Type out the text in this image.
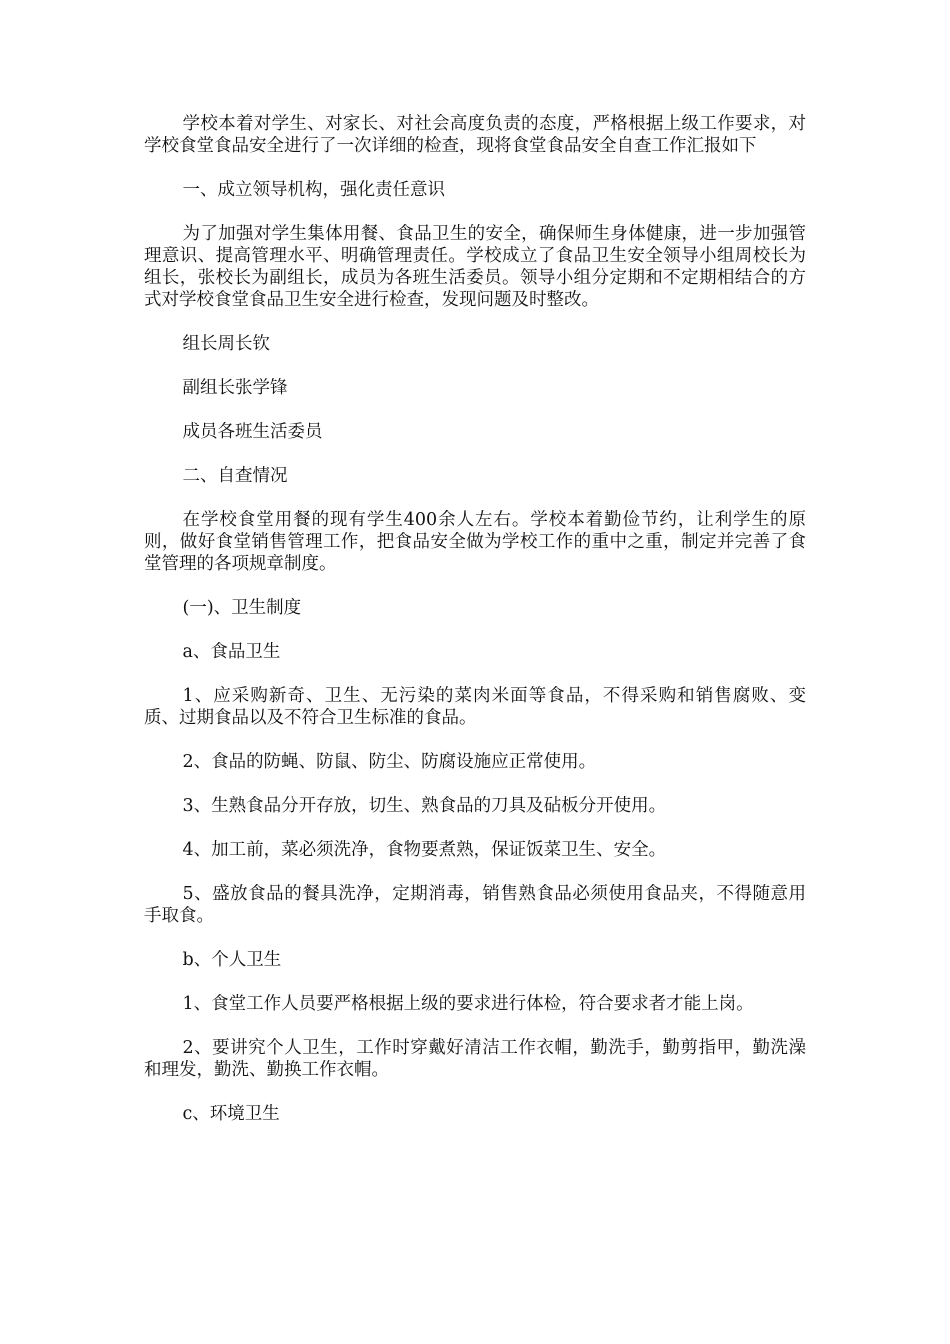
学校本着对学生、对家长、对社会高度负责的态度，严格根据上级工作要求，对学校食堂食品安全进行了一次详细的检查，现将食堂食品安全自查工作汇报如下

一、成立领导机构，强化责任意识

为了加强对学生集体用餐、食品卫生的安全，确保师生身体健康，进一步加强管理意识、提高管理水平、明确管理责任。学校成立了食品卫生安全领导小组周校长为组长，张校长为副组长，成员为各班生活委员。领导小组分定期和不定期相结合的方式对学校食堂食品卫生安全进行检查，发现问题及时整改。

组长周长钦

副组长张学锋

成员各班生活委员

二、自查情况

在学校食堂用餐的现有学生400余人左右。学校本着勤俭节约，让利学生的原则，做好食堂销售管理工作，把食品安全做为学校工作的重中之重，制定并完善了食堂管理的各项规章制度。

(一)、卫生制度

a、食品卫生

1、应采购新奇、卫生、无污染的菜肉米面等食品，不得采购和销售腐败、变质、过期食品以及不符合卫生标准的食品。

2、食品的防蝇、防鼠、防尘、防腐设施应正常使用。

3、生熟食品分开存放，切生、熟食品的刀具及砧板分开使用。

4、加工前，菜必须洗净，食物要煮熟，保证饭菜卫生、安全。

5、盛放食品的餐具洗净，定期消毒，销售熟食品必须使用食品夹，不得随意用手取食。

b、个人卫生

1、食堂工作人员要严格根据上级的要求进行体检，符合要求者才能上岗。

2、要讲究个人卫生，工作时穿戴好清洁工作衣帽，勤洗手，勤剪指甲，勤洗澡和理发，勤洗、勤换工作衣帽。

c、环境卫生
